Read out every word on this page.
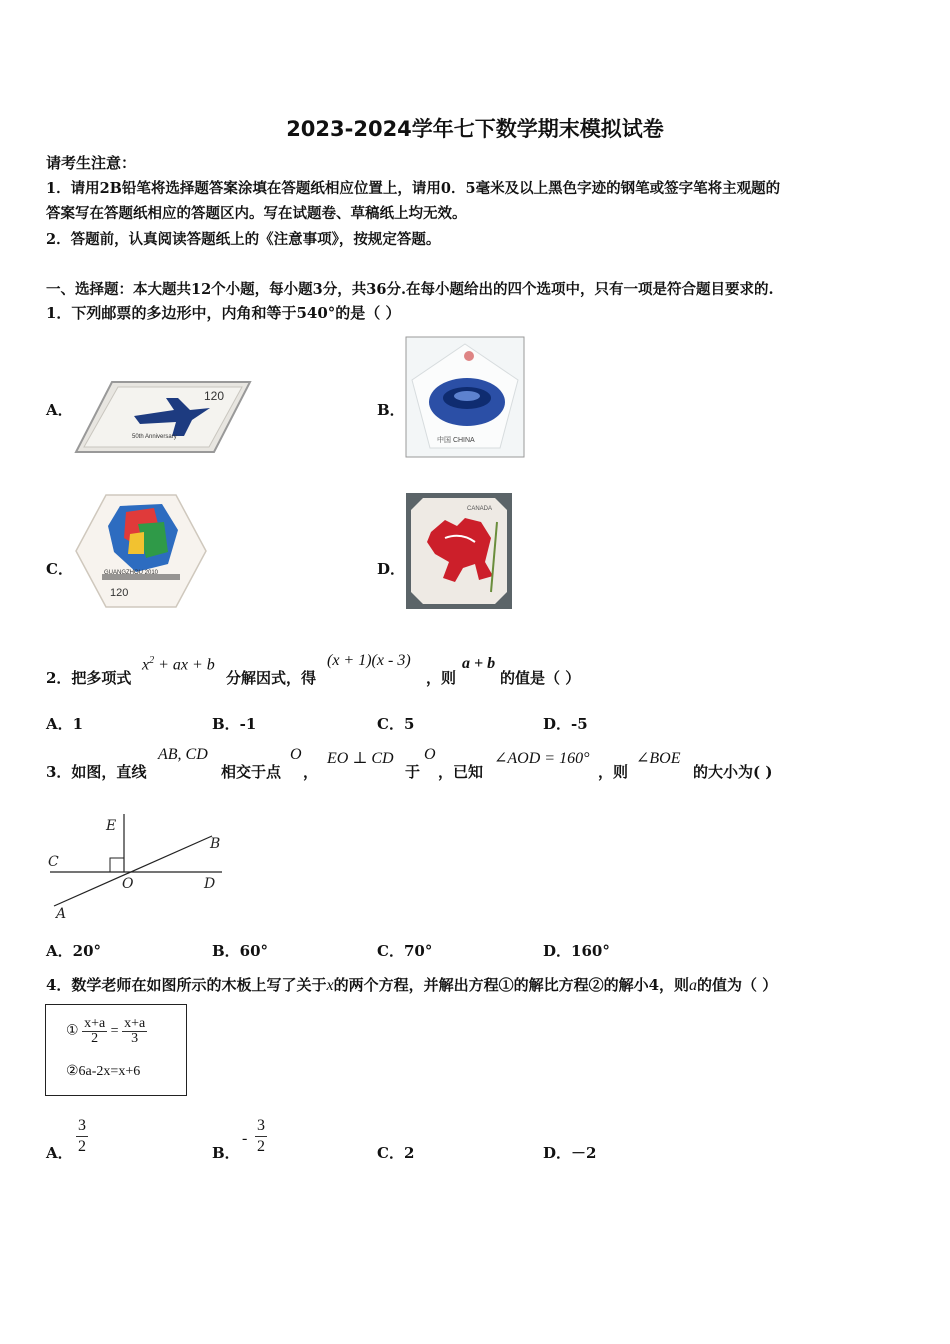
2023-2024学年七下数学期末模拟试卷
请考生注意：
1．请用2B铅笔将选择题答案涂填在答题纸相应位置上，请用0．5毫米及以上黑色字迹的钢笔或签字笔将主观题的
答案写在答题纸相应的答题区内。写在试题卷、草稿纸上均无效。
2．答题前，认真阅读答题纸上的《注意事项》，按规定答题。
一、选择题：本大题共12个小题，每小题3分，共36分.在每小题给出的四个选项中，只有一项是符合题目要求的.
1．下列邮票的多边形中，内角和等于540°的是（ ）
A．
120
50th Anniversary
B．
中国 CHINA
C．	GUANGZHOU 2010
120
D．
CANADA
2．把多项式
$x^2$ + ax + b
分解因式，得
(x + 1)(x - 3)
，则
a + b
的值是（ ）
A．1	B．-1	C．5	D．-5
3．如图，直线
AB, CD
相交于点
O
，
EO ⊥ CD
于
O
，已知
∠AOD = 160°
，则
∠BOE
的大小为( )
E
C
O	D
B
A
A．20°	B．60°	C．70°	D．160°
4．数学老师在如图所示的木板上写了关于x的两个方程，并解出方程①的解比方程②的解小4，则a的值为（ ）
① $\frac{x+a}{2} = \frac{x+a}{3}$
②6a-2x=x+6
A．
3
2	B．
-
3
2	C．2	D．－2
